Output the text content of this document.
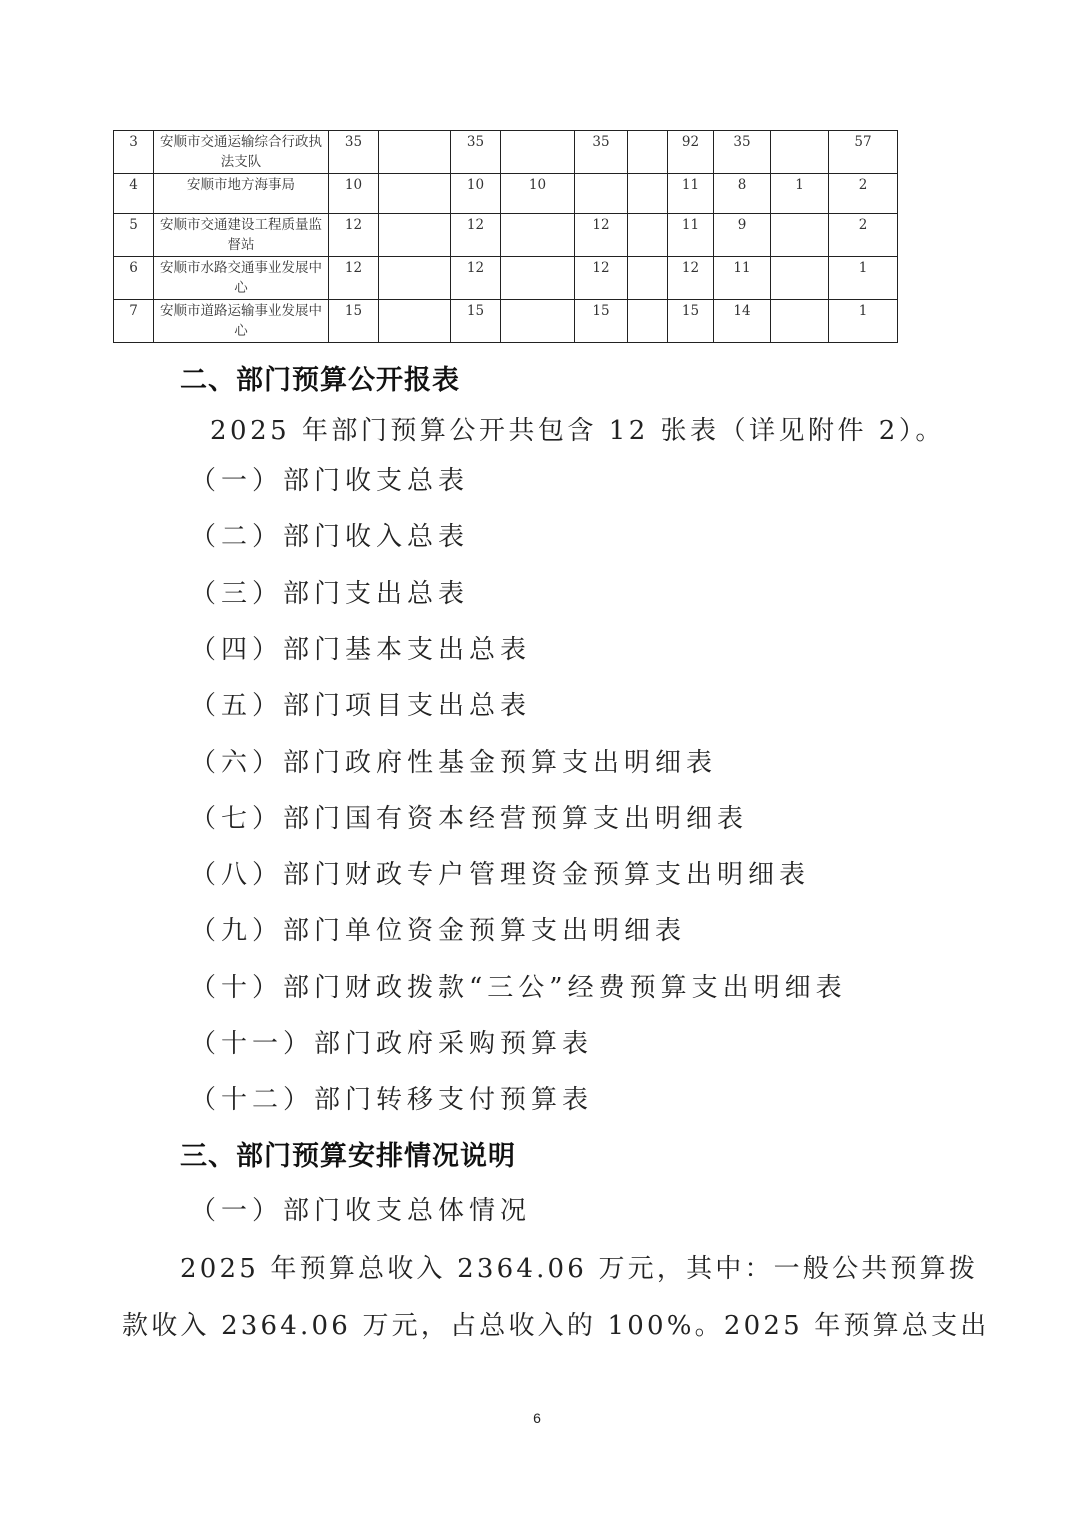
3	安顺市交通运输综合行政执法支队	35		35		35		92	35		57
4	安顺市地方海事局	10		10	10			11	8	1	2
5	安顺市交通建设工程质量监督站	12		12		12		11	9		2
6	安顺市水路交通事业发展中心	12		12		12		12	11		1
7	安顺市道路运输事业发展中心	15		15		15		15	14		1
二、部门预算公开报表
2025 年部门预算公开共包含 12 张表（详见附件 2）。
（一）部门收支总表
（二）部门收入总表
（三）部门支出总表
（四）部门基本支出总表
（五）部门项目支出总表
（六）部门政府性基金预算支出明细表
（七）部门国有资本经营预算支出明细表
（八）部门财政专户管理资金预算支出明细表
（九）部门单位资金预算支出明细表
（十）部门财政拨款“三公”经费预算支出明细表
（十一）部门政府采购预算表
（十二）部门转移支付预算表
三、部门预算安排情况说明
（一）部门收支总体情况
2025 年预算总收入 2364.06 万元，其中：一般公共预算拨
款收入 2364.06 万元，占总收入的 100%。2025 年预算总支出
6
